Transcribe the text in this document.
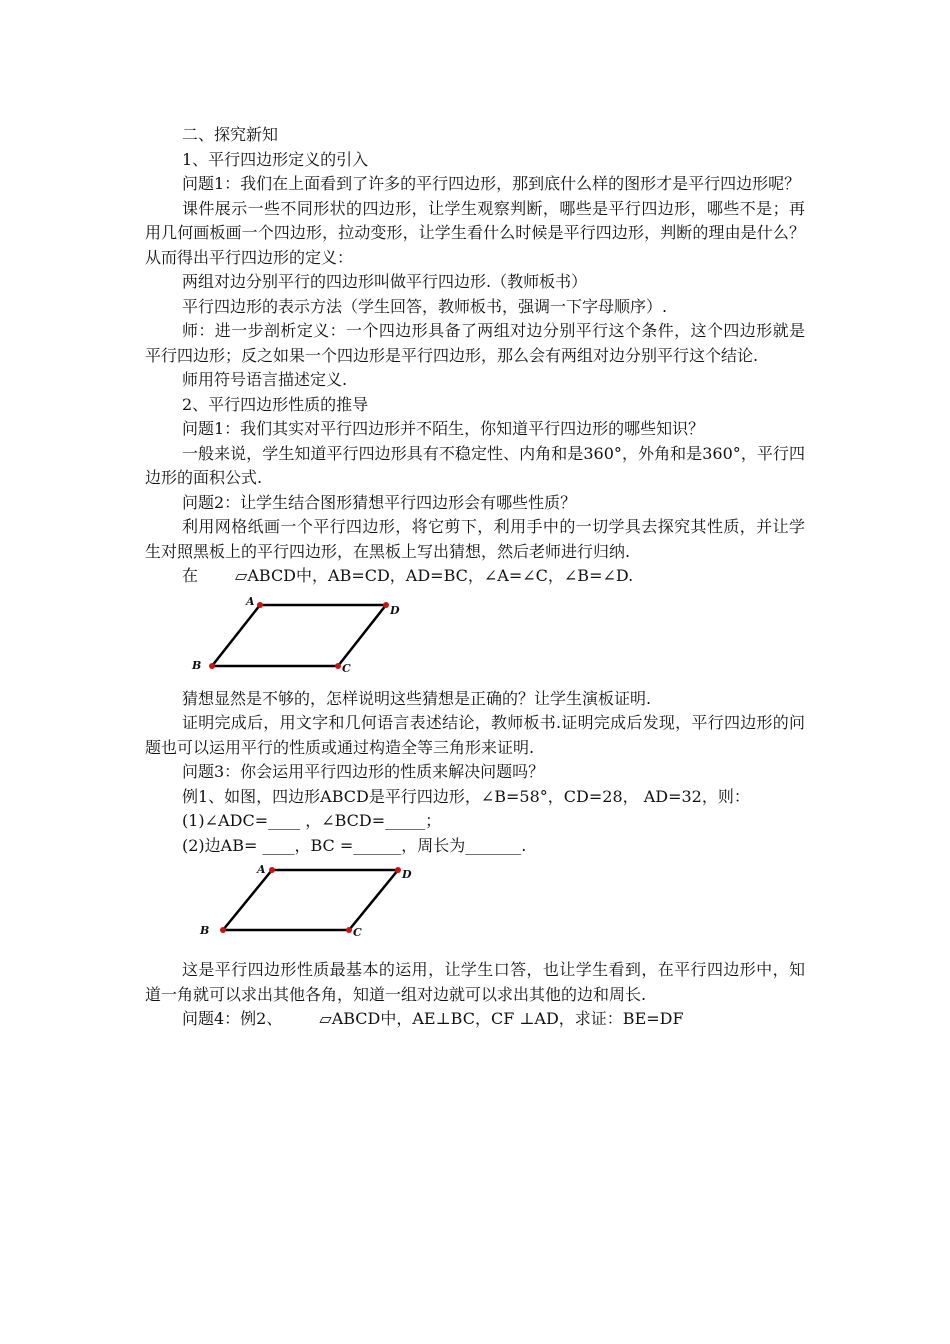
二、探究新知

1、平行四边形定义的引入

问题1：我们在上面看到了许多的平行四边形，那到底什么样的图形才是平行四边形呢？

课件展示一些不同形状的四边形，让学生观察判断，哪些是平行四边形，哪些不是；再用几何画板画一个四边形，拉动变形，让学生看什么时候是平行四边形，判断的理由是什么？从而得出平行四边形的定义：

两组对边分别平行的四边形叫做平行四边形.（教师板书）

平行四边形的表示方法（学生回答，教师板书，强调一下字母顺序）.

师：进一步剖析定义：一个四边形具备了两组对边分别平行这个条件，这个四边形就是平行四边形；反之如果一个四边形是平行四边形，那么会有两组对边分别平行这个结论.

师用符号语言描述定义.

2、平行四边形性质的推导

问题1：我们其实对平行四边形并不陌生，你知道平行四边形的哪些知识？

一般来说，学生知道平行四边形具有不稳定性、内角和是360°，外角和是360°，平行四边形的面积公式.

问题2：让学生结合图形猜想平行四边形会有哪些性质？

利用网格纸画一个平行四边形，将它剪下，利用手中的一切学具去探究其性质，并让学生对照黑板上的平行四边形，在黑板上写出猜想，然后老师进行归纳.

在 ▱ABCD中，AB=CD，AD=BC，∠A=∠C，∠B=∠D.

A
D
C
B

猜想显然是不够的，怎样说明这些猜想是正确的？让学生演板证明.

证明完成后，用文字和几何语言表述结论，教师板书.证明完成后发现，平行四边形的问题也可以运用平行的性质或通过构造全等三角形来证明.

问题3：你会运用平行四边形的性质来解决问题吗？

例1、如图，四边形ABCD是平行四边形，∠B=58°，CD=28， AD=32，则：

(1)∠ADC=____ ，∠BCD=_____；

(2)边AB= ____，BC =______，周长为_______.

A	D
C
B

这是平行四边形性质最基本的运用，让学生口答，也让学生看到，在平行四边形中，知道一角就可以求出其他各角，知道一组对边就可以求出其他的边和周长.

问题4：例2、 ▱ABCD中，AE⊥BC，CF ⊥AD，求证：BE=DF
